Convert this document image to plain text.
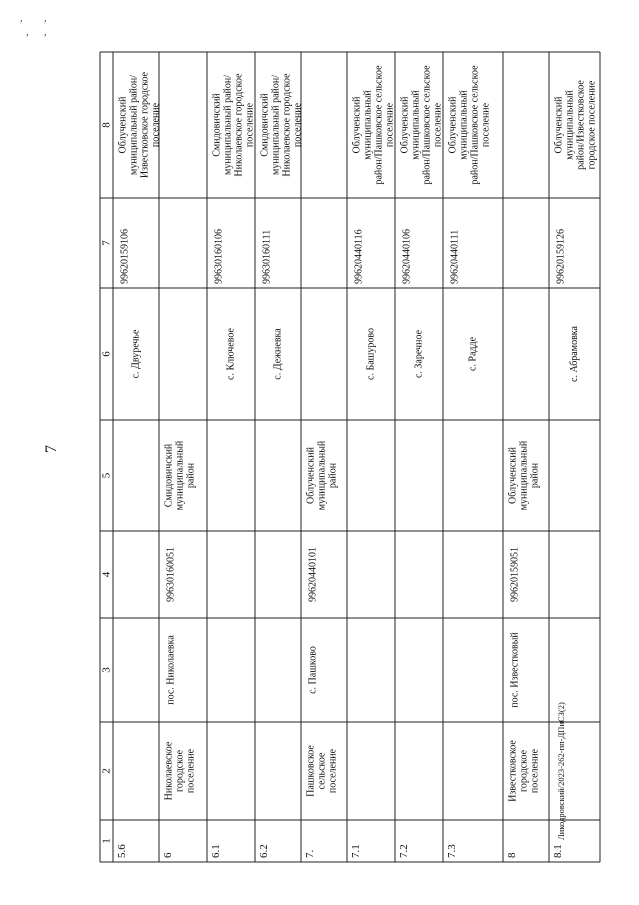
, ,
, ,
7
1
2
3
4
5
6
7
8
5.6
с. Двуречье
99620159106
Облученский муниципальный район/ Известковское городское поселение
6
Николаевское городское поселение
пос. Николаевка
99630160051
Смидовичский муниципальный район
6.1
с. Ключевое
99630160106
Смидовичский муниципальный район/ Николаевское городское поселение
6.2
с. Дежневка
99630160111
Смидовичский муниципальный район/ Николаевское городское поселение
7.
Пашковское сельское поселение
с. Пашково
99620440101
Облученский муниципальный район
7.1
с. Башурово
99620440116
Облученский муниципальный район/Пашковское сельское поселение
7.2
с. Заречное
99620440106
Облученский муниципальный район/Пашковское сельское поселение
7.3
с. Радде
99620440111
Облученский муниципальный район/Пашковское сельское поселение
8
Известковское городское поселение
пос. Известковый
99620159051
Облученский муниципальный район
8.1
с. Абрамовка
99620159126
Облученский муниципальный район/Известковское городское поселение
Ликодровский/2023-262-пп-ДПиСЗ(2)
